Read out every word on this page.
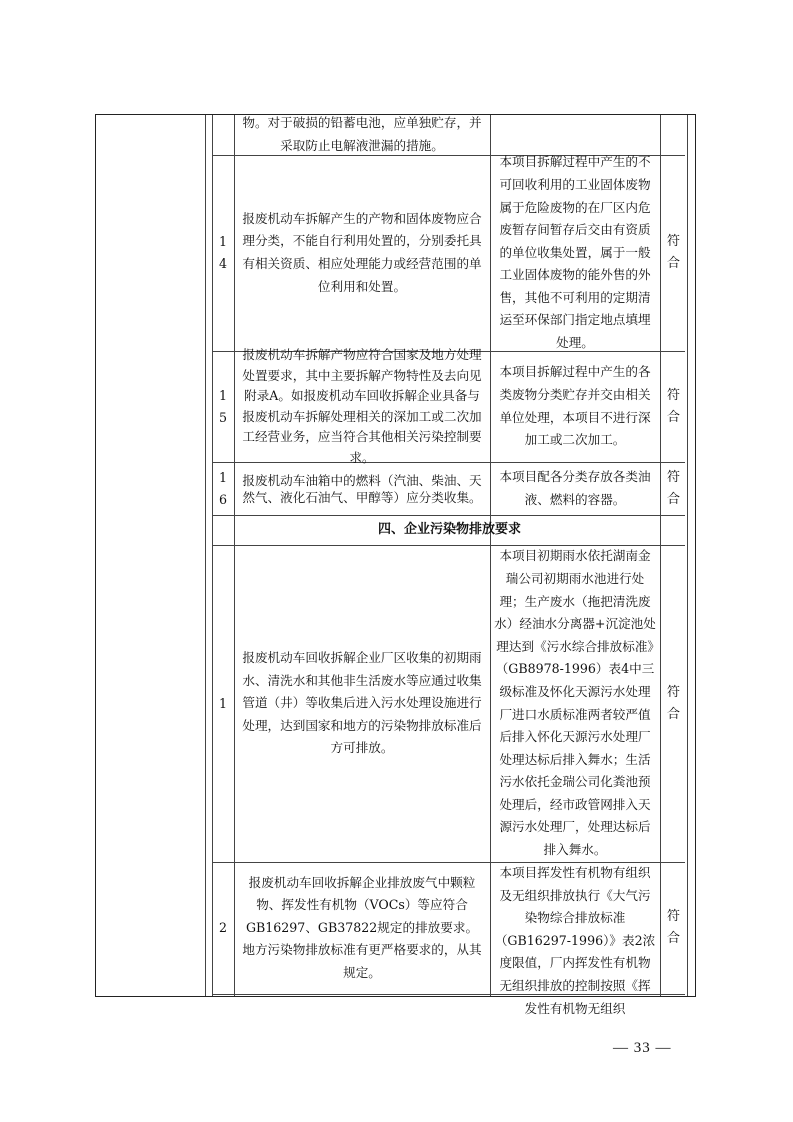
物。对于破损的铅蓄电池，应单独贮存，并采取防止电解液泄漏的措施。
14
报废机动车拆解产生的产物和固体废物应合理分类，不能自行利用处置的，分别委托具有相关资质、相应处理能力或经营范围的单位利用和处置。
本项目拆解过程中产生的不可回收利用的工业固体废物属于危险废物的在厂区内危废暂存间暂存后交由有资质的单位收集处置，属于一般工业固体废物的能外售的外售，其他不可利用的定期清运至环保部门指定地点填埋处理。
符合
15
报废机动车拆解产物应符合国家及地方处理处置要求，其中主要拆解产物特性及去向见附录A。如报废机动车回收拆解企业具备与报废机动车拆解处理相关的深加工或二次加工经营业务，应当符合其他相关污染控制要求。
本项目拆解过程中产生的各类废物分类贮存并交由相关单位处理，本项目不进行深加工或二次加工。
符合
16
报废机动车油箱中的燃料（汽油、柴油、天然气、液化石油气、甲醇等）应分类收集。
本项目配各分类存放各类油液、燃料的容器。
符合
四、企业污染物排放要求
1
报废机动车回收拆解企业厂区收集的初期雨水、清洗水和其他非生活废水等应通过收集管道（井）等收集后进入污水处理设施进行处理，达到国家和地方的污染物排放标准后方可排放。
本项目初期雨水依托湖南金瑞公司初期雨水池进行处理；生产废水（拖把清洗废水）经油水分离器+沉淀池处理达到《污水综合排放标准》（GB8978-1996）表4中三级标准及怀化天源污水处理厂进口水质标准两者较严值后排入怀化天源污水处理厂处理达标后排入舞水；生活污水依托金瑞公司化粪池预处理后，经市政管网排入天源污水处理厂，处理达标后排入舞水。
符合
2
报废机动车回收拆解企业排放废气中颗粒物、挥发性有机物（VOCs）等应符合GB16297、GB37822规定的排放要求。地方污染物排放标准有更严格要求的，从其规定。
本项目挥发性有机物有组织及无组织排放执行《大气污染物综合排放标准（GB16297-1996）》表2浓度限值，厂内挥发性有机物无组织排放的控制按照《挥发性有机物无组织
符合
— 33 —
